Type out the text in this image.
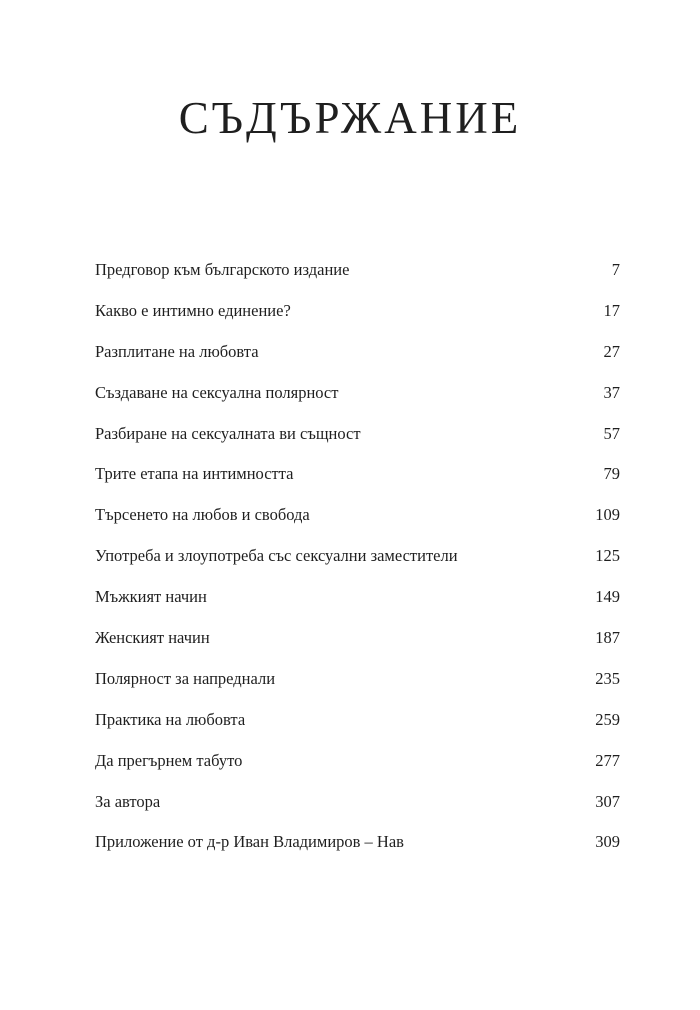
СЪДЪРЖАНИЕ
Предговор към българското издание	7
Какво е интимно единение?	17
Разплитане на любовта	27
Създаване на сексуална полярност	37
Разбиране на сексуалната ви същност	57
Трите етапа на интимността	79
Търсенето на любов и свобода	109
Употреба и злоупотреба със сексуални заместители	125
Мъжкият начин	149
Женският начин	187
Полярност за напреднали	235
Практика на любовта	259
Да прегърнем табуто	277
За автора	307
Приложение от д-р Иван Владимиров – Нав	309
